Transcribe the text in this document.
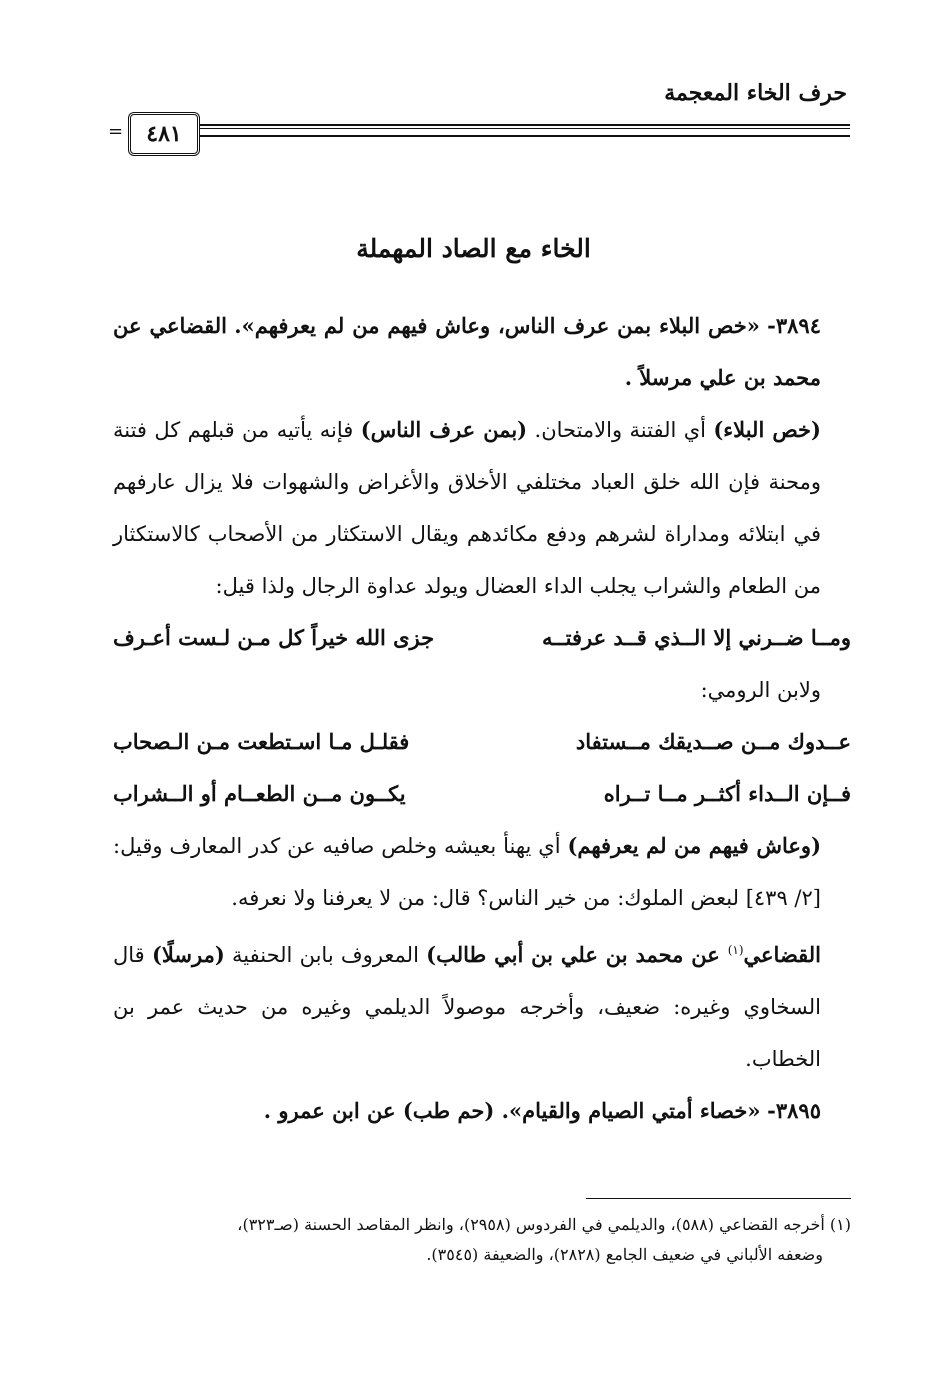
حرف الخاء المعجمة
= ٤٨١
الخاء مع الصاد المهملة

٣٨٩٤- «خص البلاء بمن عرف الناس، وعاش فيهم من لم يعرفهم». القضاعي عن محمد بن علي مرسلاً .

(خص البلاء) أي الفتنة والامتحان. (بمن عرف الناس) فإنه يأتيه من قبلهم كل فتنة ومحنة فإن الله خلق العباد مختلفي الأخلاق والأغراض والشهوات فلا يزال عارفهم في ابتلائه ومداراة لشرهم ودفع مكائدهم ويقال الاستكثار من الأصحاب كالاستكثار من الطعام والشراب يجلب الداء العضال ويولد عداوة الرجال ولذا قيل:

ومــا ضــرني إلا الــذي قــد عرفتــه
جزى الله خيراً كل مـن لـست أعـرف

ولابن الرومي:

عــدوك مــن صــديقك مــستفاد
فقلـل مـا اسـتطعت مـن الـصحاب
فــإن الــداء أكثــر مــا تــراه
يكــون مــن الطعــام أو الــشراب

(وعاش فيهم من لم يعرفهم) أي يهنأ بعيشه وخلص صافيه عن كدر المعارف وقيل: [٢/ ٤٣٩] لبعض الملوك: من خير الناس؟ قال: من لا يعرفنا ولا نعرفه.
القضاعي$^{(١)}$ عن محمد بن علي بن أبي طالب) المعروف بابن الحنفية (مرسلًا) قال السخاوي وغيره: ضعيف، وأخرجه موصولاً الديلمي وغيره من حديث عمر بن الخطاب.

٣٨٩٥- «خصاء أمتي الصيام والقيام». (حم طب) عن ابن عمرو .

(١) أخرجه القضاعي (٥٨٨)، والديلمي في الفردوس (٢٩٥٨)، وانظر المقاصد الحسنة (صـ٣٢٣)،

وضعفه الألباني في ضعيف الجامع (٢٨٢٨)، والضعيفة (٣٥٤٥).
